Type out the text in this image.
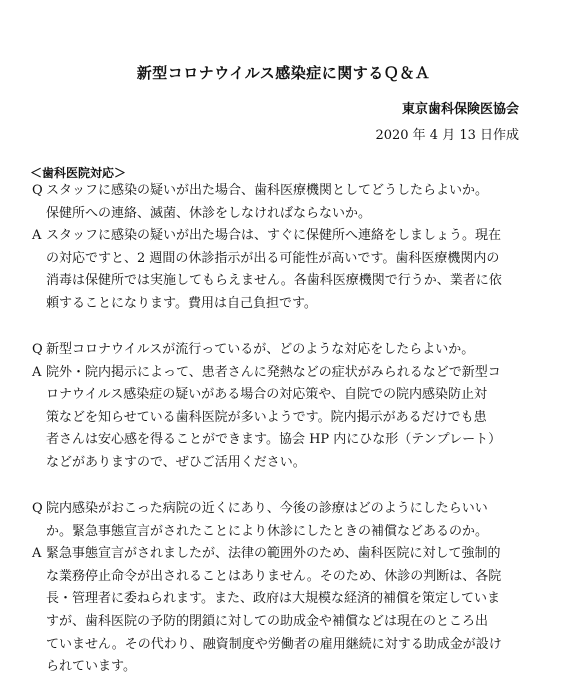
新型コロナウイルス感染症に関するＱ＆Ａ
東京歯科保険医協会
2020 年 4 月 13 日作成
＜歯科医院対応＞
Q スタッフに感染の疑いが出た場合、歯科医療機関としてどうしたらよいか。
保健所への連絡、滅菌、休診をしなければならないか。
A スタッフに感染の疑いが出た場合は、すぐに保健所へ連絡をしましょう。現在
の対応ですと、2 週間の休診指示が出る可能性が高いです。歯科医療機関内の
消毒は保健所では実施してもらえません。各歯科医療機関で行うか、業者に依
頼することになります。費用は自己負担です。
Q 新型コロナウイルスが流行っているが、どのような対応をしたらよいか。
A 院外・院内掲示によって、患者さんに発熱などの症状がみられるなどで新型コ
ロナウイルス感染症の疑いがある場合の対応策や、自院での院内感染防止対
策などを知らせている歯科医院が多いようです。院内掲示があるだけでも患
者さんは安心感を得ることができます。協会 HP 内にひな形（テンプレート）
などがありますので、ぜひご活用ください。
Q 院内感染がおこった病院の近くにあり、今後の診療はどのようにしたらいい
か。緊急事態宣言がされたことにより休診にしたときの補償などあるのか。
A 緊急事態宣言がされましたが、法律の範囲外のため、歯科医院に対して強制的
な業務停止命令が出されることはありません。そのため、休診の判断は、各院
長・管理者に委ねられます。また、政府は大規模な経済的補償を策定していま
すが、歯科医院の予防的閉鎖に対しての助成金や補償などは現在のところ出
ていません。その代わり、融資制度や労働者の雇用継続に対する助成金が設け
られています。
